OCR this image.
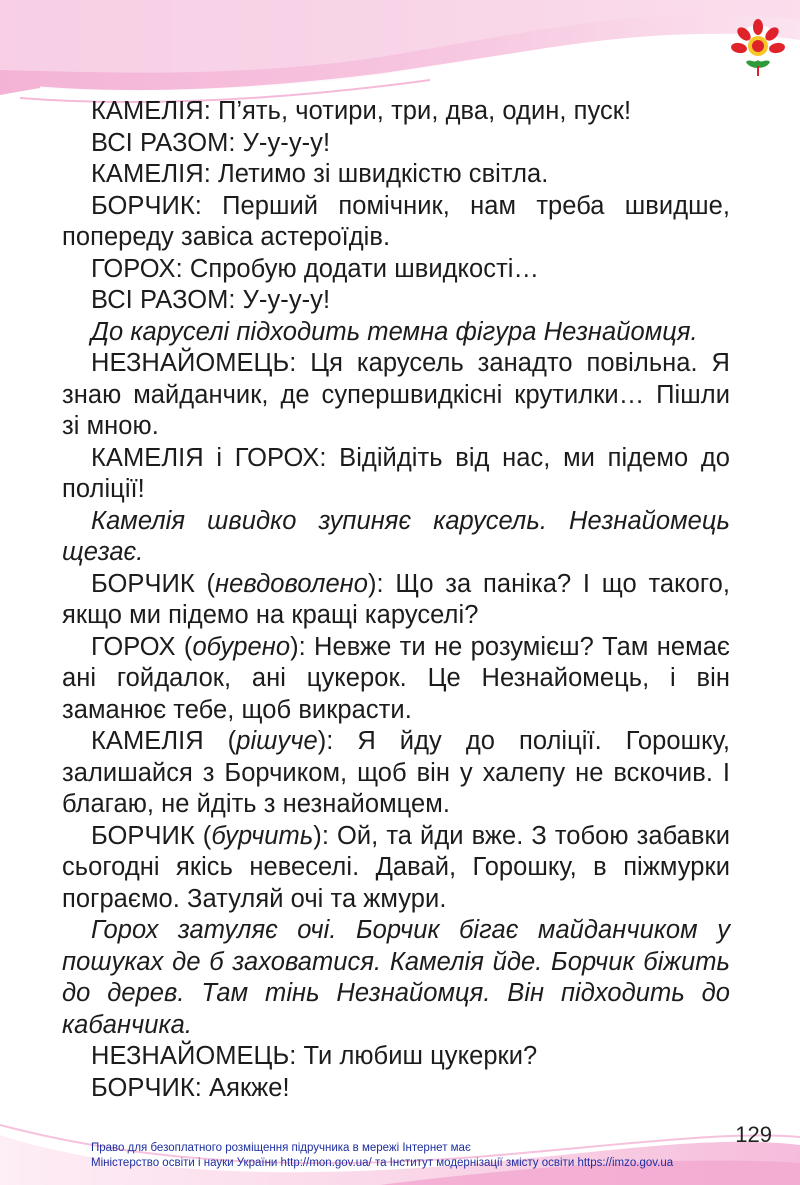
КАМЕЛІЯ: П’ять, чотири, три, два, один, пуск!

ВСІ РАЗОМ: У-у-у-у!

КАМЕЛІЯ: Летимо зі швидкістю світла.

БОРЧИК: Перший помічник, нам треба швидше, попереду завіса астероїдів.

ГОРОХ: Спробую додати швидкості…

ВСІ РАЗОМ: У-у-у-у!

До каруселі підходить темна фігура Незнайомця.

НЕЗНАЙОМЕЦЬ: Ця карусель занадто повільна. Я знаю майданчик, де супершвидкісні крутилки… Пішли зі мною.

КАМЕЛІЯ і ГОРОХ: Відійдіть від нас, ми підемо до поліції!

Камелія швидко зупиняє карусель. Незнайомець щезає.

БОРЧИК (невдоволено): Що за паніка? І що такого, якщо ми підемо на кращі каруселі?

ГОРОХ (обурено): Невже ти не розумієш? Там немає ані гойдалок, ані цукерок. Це Незнайомець, і він заманює тебе, щоб викрасти.

КАМЕЛІЯ (рішуче): Я йду до поліції. Горошку, залишайся з Борчиком, щоб він у халепу не вскочив. І благаю, не йдіть з незнайомцем.

БОРЧИК (бурчить): Ой, та йди вже. З тобою забавки сьогодні якісь невеселі. Давай, Горошку, в піжмурки пограємо. Затуляй очі та жмури.

Горох затуляє очі. Борчик бігає майданчиком у пошуках де б заховатися. Камелія йде. Борчик біжить до дерев. Там тінь Незнайомця. Він підходить до кабанчика.

НЕЗНАЙОМЕЦЬ: Ти любиш цукерки?

БОРЧИК: Аякже!

129
Право для безоплатного розміщення підручника в мережі Інтернет має
Міністерство освіти і науки України http://mon.gov.ua/ та Інститут модернізації змісту освіти https://imzo.gov.ua
